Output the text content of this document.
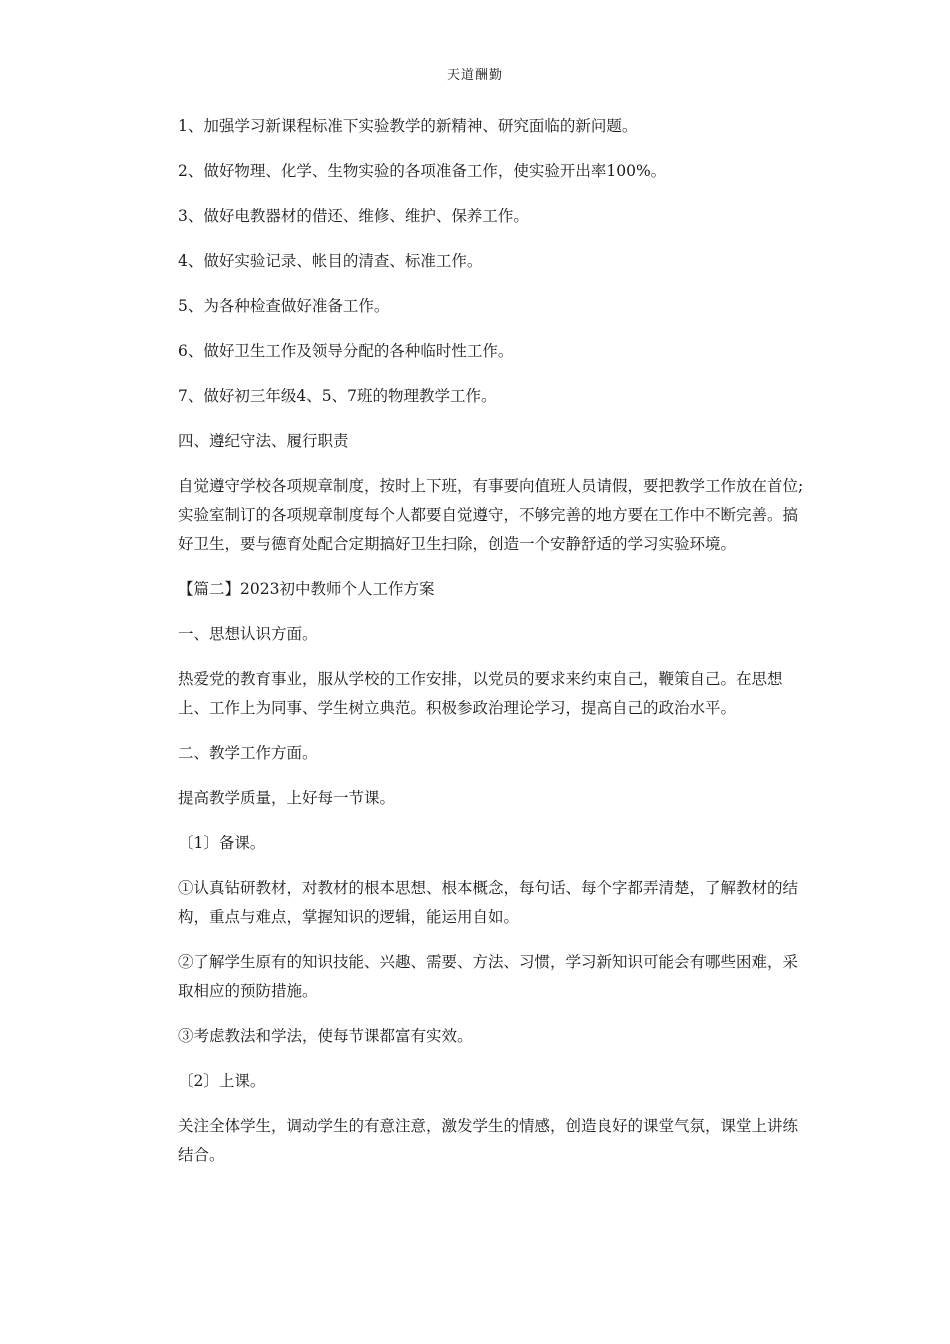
天道酬勤

1、加强学习新课程标准下实验教学的新精神、研究面临的新问题。

2、做好物理、化学、生物实验的各项准备工作，使实验开出率100%。

3、做好电教器材的借还、维修、维护、保养工作。

4、做好实验记录、帐目的清查、标准工作。

5、为各种检查做好准备工作。

6、做好卫生工作及领导分配的各种临时性工作。

7、做好初三年级4、5、7班的物理教学工作。

四、遵纪守法、履行职责

自觉遵守学校各项规章制度，按时上下班，有事要向值班人员请假，要把教学工作放在首位;实验室制订的各项规章制度每个人都要自觉遵守，不够完善的地方要在工作中不断完善。搞好卫生，要与德育处配合定期搞好卫生扫除，创造一个安静舒适的学习实验环境。

【篇二】2023初中教师个人工作方案

一、思想认识方面。

热爱党的教育事业，服从学校的工作安排，以党员的要求来约束自己，鞭策自己。在思想上、工作上为同事、学生树立典范。积极参政治理论学习，提高自己的政治水平。

二、教学工作方面。

提高教学质量，上好每一节课。

〔1〕备课。

①认真钻研教材，对教材的根本思想、根本概念，每句话、每个字都弄清楚，了解教材的结构，重点与难点，掌握知识的逻辑，能运用自如。

②了解学生原有的知识技能、兴趣、需要、方法、习惯，学习新知识可能会有哪些困难，采取相应的预防措施。

③考虑教法和学法，使每节课都富有实效。

〔2〕上课。

关注全体学生，调动学生的有意注意，激发学生的情感，创造良好的课堂气氛，课堂上讲练结合。
